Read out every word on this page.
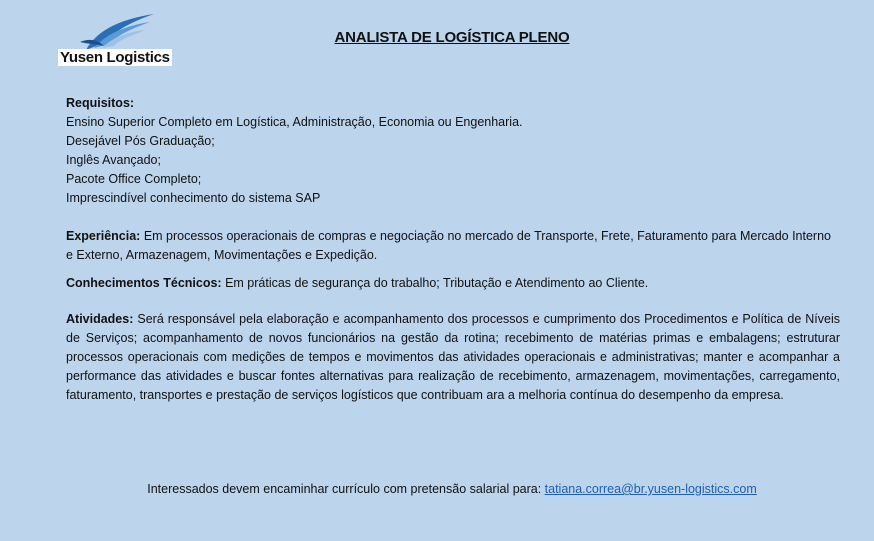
Yusen Logistics
ANALISTA DE LOGÍSTICA PLENO
Requisitos:
Ensino Superior Completo em Logística, Administração, Economia ou Engenharia.
Desejável Pós Graduação;
Inglês Avançado;
Pacote Office Completo;
Imprescindível conhecimento do sistema SAP
Experiência: Em processos operacionais de compras e negociação no mercado de Transporte, Frete, Faturamento para Mercado Interno e Externo, Armazenagem, Movimentações e Expedição.
Conhecimentos Técnicos: Em práticas de segurança do trabalho; Tributação e Atendimento ao Cliente.
Atividades: Será responsável pela elaboração e acompanhamento dos processos e cumprimento dos Procedimentos e Política de Níveis de Serviços; acompanhamento de novos funcionários na gestão da rotina; recebimento de matérias primas e embalagens; estruturar processos operacionais com medições de tempos e movimentos das atividades operacionais e administrativas; manter e acompanhar a performance das atividades e buscar fontes alternativas para realização de recebimento, armazenagem, movimentações, carregamento, faturamento, transportes e prestação de serviços logísticos que contribuam ara a melhoria contínua do desempenho da empresa.
Interessados devem encaminhar currículo com pretensão salarial para: tatiana.correa@br.yusen-logistics.com
